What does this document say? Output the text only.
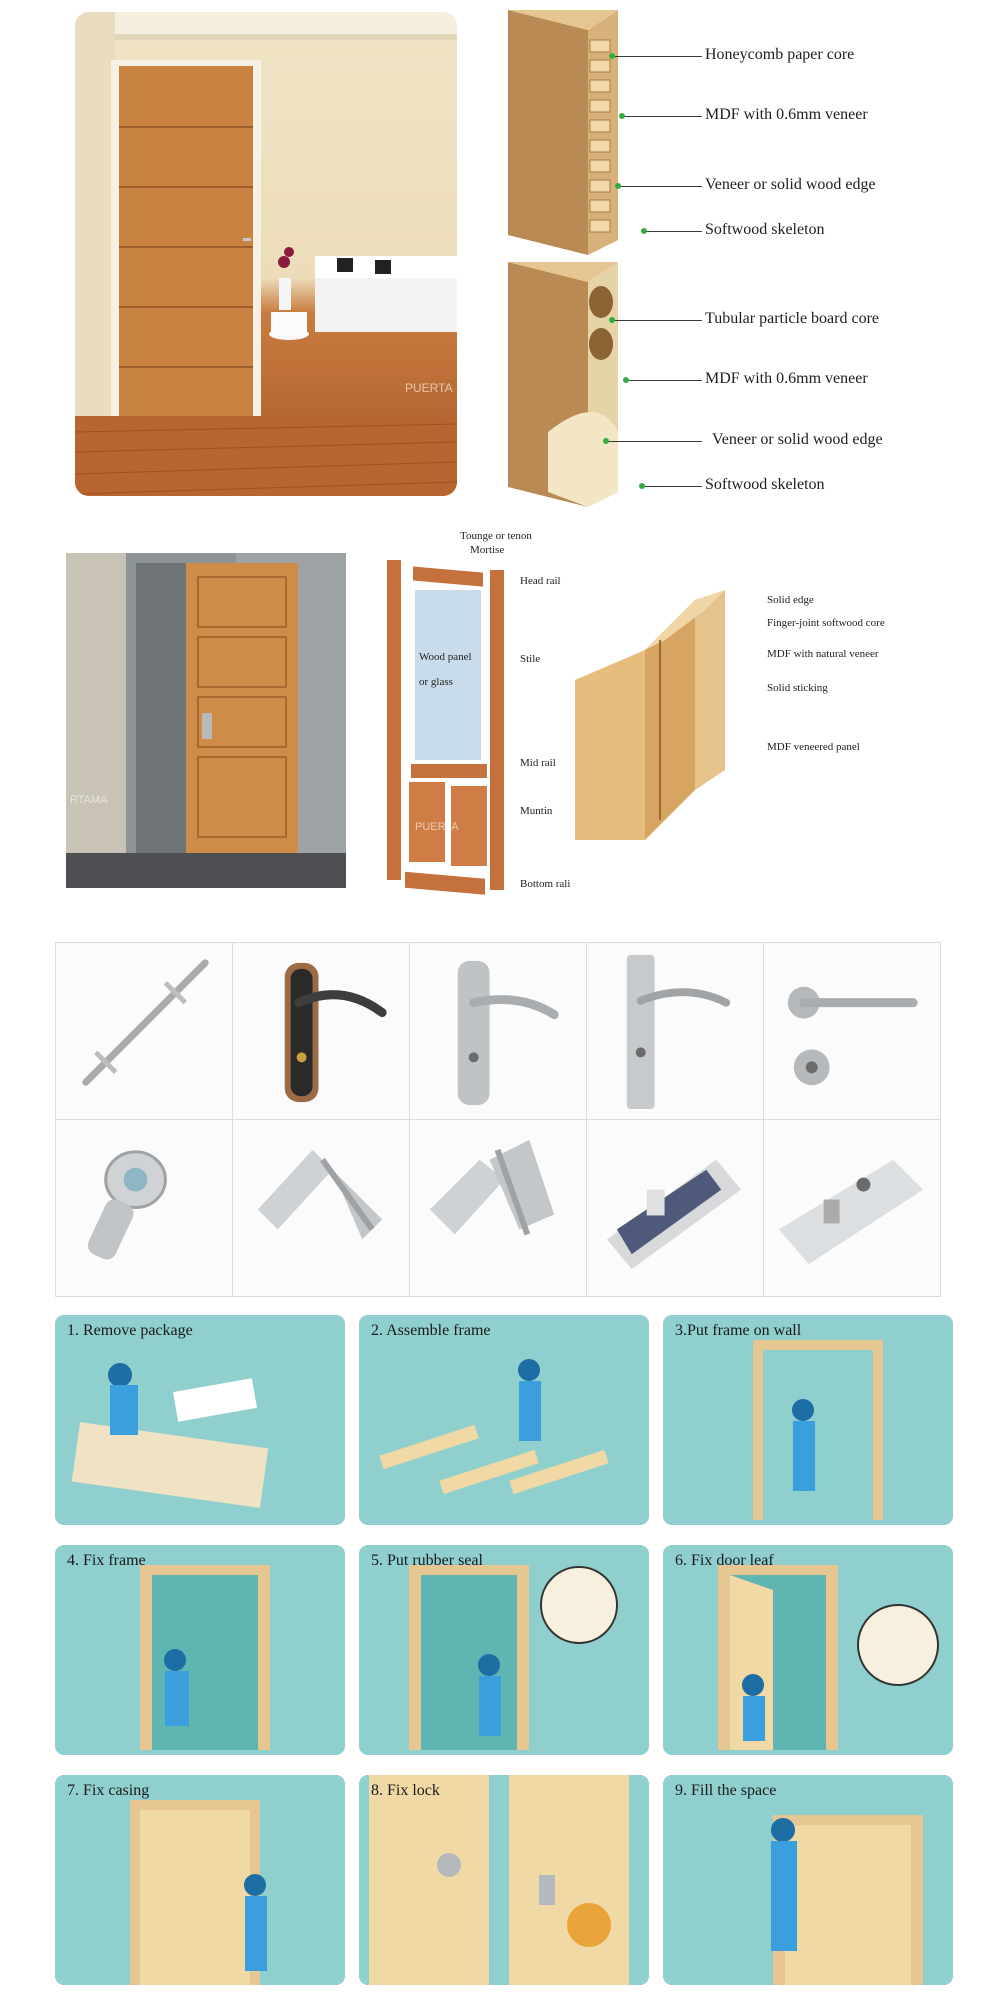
PUERTA
Honeycomb paper core
MDF with 0.6mm veneer
Veneer or solid wood edge
Softwood skeleton
Tubular particle board core
MDF with 0.6mm veneer
Veneer or solid wood edge
Softwood skeleton
RTAMA
Wood panel
or glass
PUERTA
Tounge or tenon
Mortise
Head rail
Stile
Mid rail
Muntin
Bottom rali
Solid edge
Finger-joint softwood core
MDF with natural veneer
Solid sticking
MDF veneered panel
1. Remove package	2. Assemble frame	3.Put frame on wall
4. Fix frame	5. Put rubber seal	6. Fix door leaf
7. Fix casing	8. Fix lock	9. Fill the space
